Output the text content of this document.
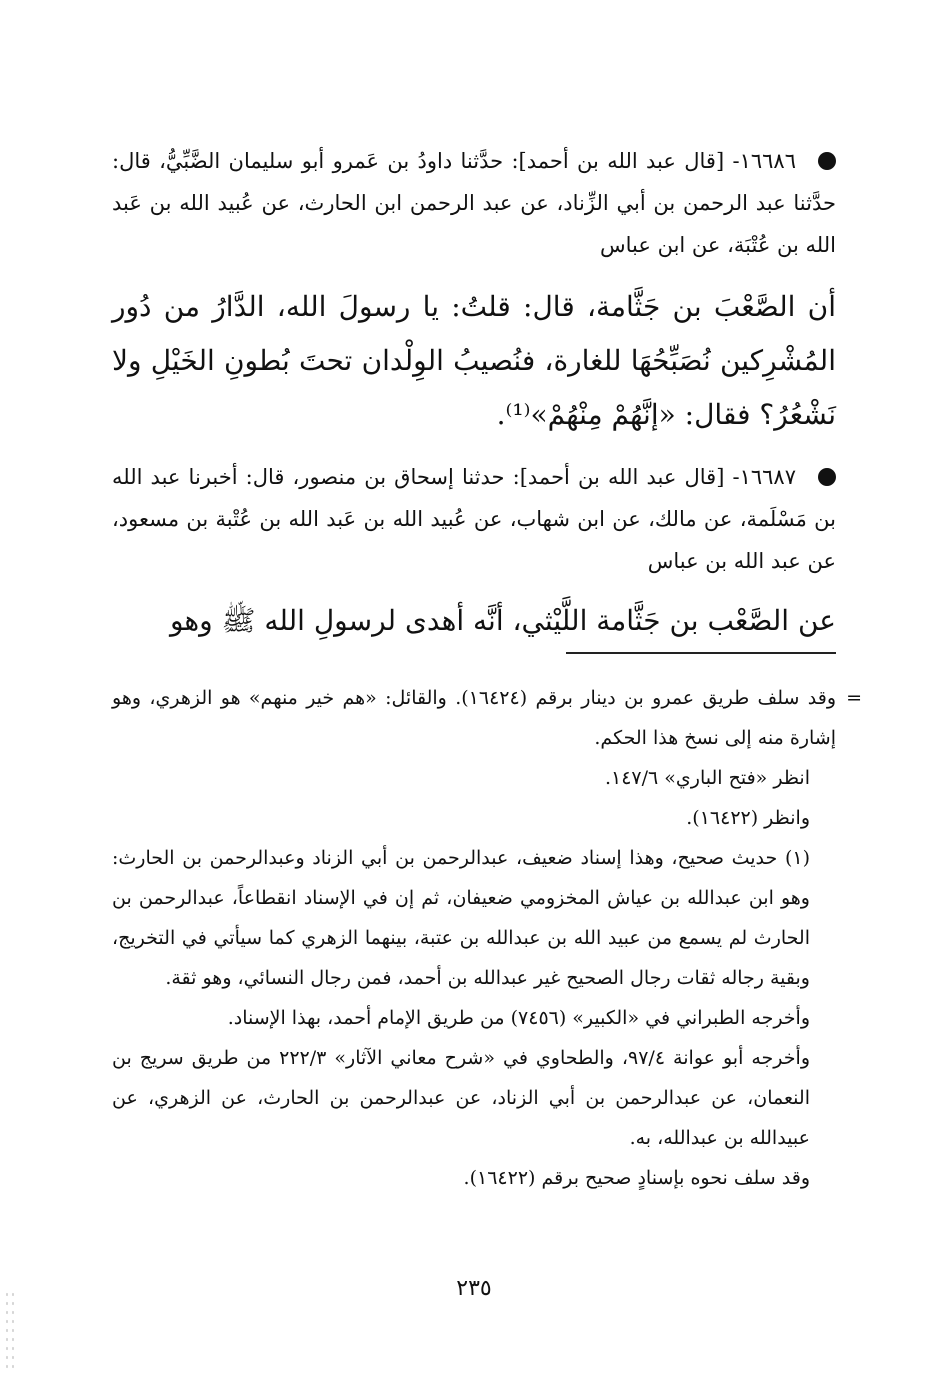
١٦٦٨٦- [قال عبد الله بن أحمد]: حدَّثنا داودُ بن عَمرو أبو سليمان الضَّبِّيُّ، قال: حدَّثنا عبد الرحمن بن أبي الزِّناد، عن عبد الرحمن ابن الحارث، عن عُبيد الله بن عَبد الله بن عُتْبَة، عن ابن عباس

أن الصَّعْبَ بن جَثَّامة، قال: قلتُ: يا رسولَ الله، الدَّارُ من دُور المُشْرِكين نُصَبِّحُهَا للغارة، فنُصيبُ الوِلْدان تحتَ بُطونِ الخَيْلِ ولا نَشْعُرُ؟ فقال: «إنَّهُمْ مِنْهُمْ»⁽¹⁾.

١٦٦٨٧- [قال عبد الله بن أحمد]: حدثنا إسحاق بن منصور، قال: أخبرنا عبد الله بن مَسْلَمة، عن مالك، عن ابن شهاب، عن عُبيد الله بن عَبد الله بن عُتْبة بن مسعود، عن عبد الله بن عباس

عن الصَّعْب بن جَثَّامة اللَّيْثي، أنَّه أهدى لرسولِ الله ﷺ وهو

=

وقد سلف طريق عمرو بن دينار برقم (١٦٤٢٤). والقائل: «هم خير منهم» هو الزهري، وهو إشارة منه إلى نسخ هذا الحكم.

انظر «فتح الباري» ٦/‏١٤٧.

وانظر (١٦٤٢٢).

(١) حديث صحيح، وهذا إسناد ضعيف، عبدالرحمن بن أبي الزناد وعبدالرحمن بن الحارث: وهو ابن عبدالله بن عياش المخزومي ضعيفان، ثم إن في الإسناد انقطاعاً، عبدالرحمن بن الحارث لم يسمع من عبيد الله بن عبدالله بن عتبة، بينهما الزهري كما سيأتي في التخريج، وبقية رجاله ثقات رجال الصحيح غير عبدالله بن أحمد، فمن رجال النسائي، وهو ثقة.

وأخرجه الطبراني في «الكبير» (٧٤٥٦) من طريق الإمام أحمد، بهذا الإسناد.

وأخرجه أبو عوانة ٤/‏٩٧، والطحاوي في «شرح معاني الآثار» ٣/‏٢٢٢ من طريق سريج بن النعمان، عن عبدالرحمن بن أبي الزناد، عن عبدالرحمن بن الحارث، عن الزهري، عن عبيدالله بن عبدالله، به.

وقد سلف نحوه بإسنادٍ صحيح برقم (١٦٤٢٢).

٢٣٥
